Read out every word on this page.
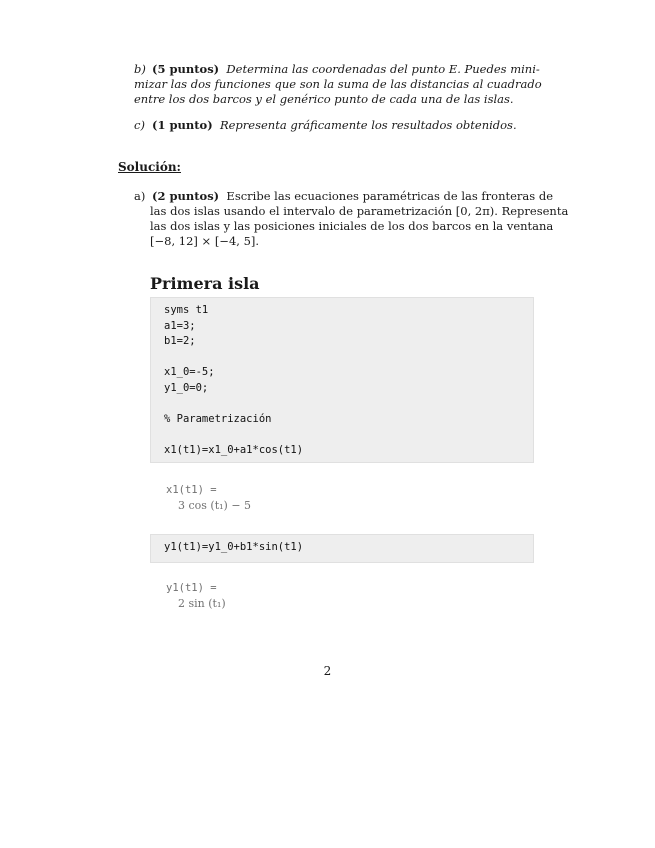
b) (5 puntos) Determina las coordenadas del punto E. Puedes mini-
mizar las dos funciones que son la suma de las distancias al cuadrado
entre los dos barcos y el genérico punto de cada una de las islas.
c) (1 punto) Representa gráficamente los resultados obtenidos.
Solución:
a) (2 puntos) Escribe las ecuaciones paramétricas de las fronteras de
las dos islas usando el intervalo de parametrización [0, 2π). Representa
las dos islas y las posiciones iniciales de los dos barcos en la ventana
[−8, 12] × [−4, 5].
Primera isla
syms t1
a1=3;
b1=2;
x1_0=-5;
y1_0=0;
% Parametrización
x1(t1)=x1_0+a1*cos(t1)
x1(t1) =
3 cos (t₁) − 5
y1(t1)=y1_0+b1*sin(t1)
y1(t1) =
2 sin (t₁)
2
